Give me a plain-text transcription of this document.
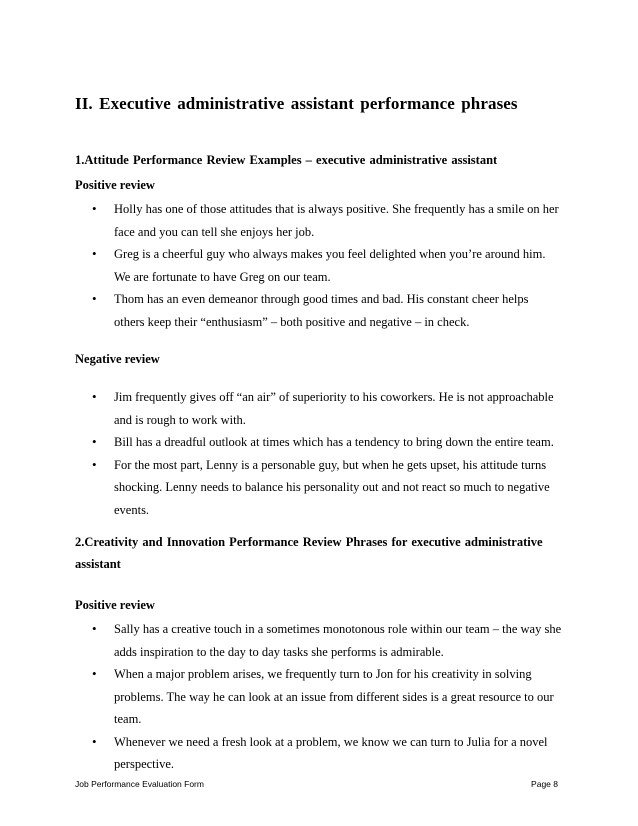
II. Executive administrative assistant performance phrases
1.Attitude Performance Review Examples – executive administrative assistant
Positive review
• Holly has one of those attitudes that is always positive. She frequently has a smile on her face and you can tell she enjoys her job.
• Greg is a cheerful guy who always makes you feel delighted when you’re around him. We are fortunate to have Greg on our team.
• Thom has an even demeanor through good times and bad. His constant cheer helps others keep their “enthusiasm” – both positive and negative – in check.
Negative review
• Jim frequently gives off “an air” of superiority to his coworkers. He is not approachable and is rough to work with.
• Bill has a dreadful outlook at times which has a tendency to bring down the entire team.
• For the most part, Lenny is a personable guy, but when he gets upset, his attitude turns shocking. Lenny needs to balance his personality out and not react so much to negative events.
2.Creativity and Innovation Performance Review Phrases for executive administrative assistant
Positive review
• Sally has a creative touch in a sometimes monotonous role within our team – the way she adds inspiration to the day to day tasks she performs is admirable.
• When a major problem arises, we frequently turn to Jon for his creativity in solving problems. The way he can look at an issue from different sides is a great resource to our team.
• Whenever we need a fresh look at a problem, we know we can turn to Julia for a novel perspective.
Job Performance Evaluation Form	Page 8
